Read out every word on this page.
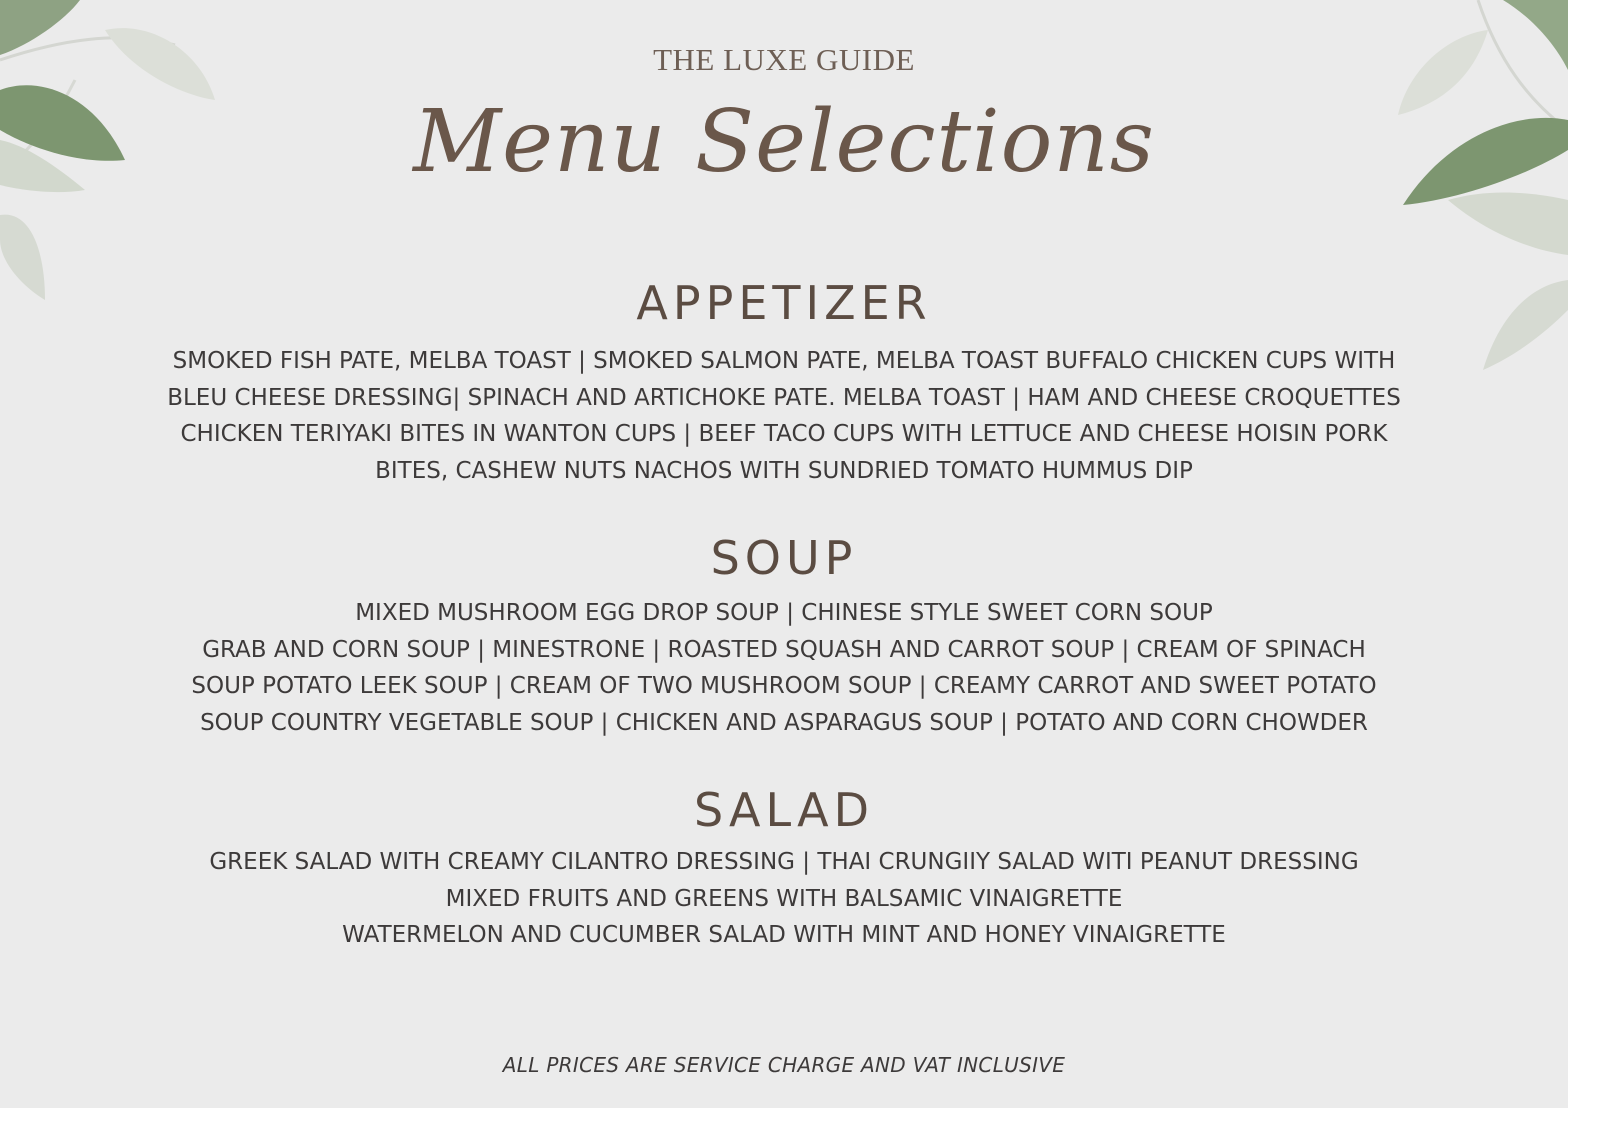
THE LUXE GUIDE
Menu Selections
APPETIZER
SMOKED FISH PATE, MELBA TOAST | SMOKED SALMON PATE, MELBA TOAST BUFFALO CHICKEN CUPS WITH
BLEU CHEESE DRESSING| SPINACH AND ARTICHOKE PATE. MELBA TOAST | HAM AND CHEESE CROQUETTES
CHICKEN TERIYAKI BITES IN WANTON CUPS | BEEF TACO CUPS WITH LETTUCE AND CHEESE HOISIN PORK
BITES, CASHEW NUTS NACHOS WITH SUNDRIED TOMATO HUMMUS DIP
SOUP
MIXED MUSHROOM EGG DROP SOUP | CHINESE STYLE SWEET CORN SOUP
GRAB AND CORN SOUP | MINESTRONE | ROASTED SQUASH AND CARROT SOUP | CREAM OF SPINACH
SOUP POTATO LEEK SOUP | CREAM OF TWO MUSHROOM SOUP | CREAMY CARROT AND SWEET POTATO
SOUP COUNTRY VEGETABLE SOUP | CHICKEN AND ASPARAGUS SOUP | POTATO AND CORN CHOWDER
SALAD
GREEK SALAD WITH CREAMY CILANTRO DRESSING | THAI CRUNGIIY SALAD WITI PEANUT DRESSING
MIXED FRUITS AND GREENS WITH BALSAMIC VINAIGRETTE
WATERMELON AND CUCUMBER SALAD WITH MINT AND HONEY VINAIGRETTE
ALL PRICES ARE SERVICE CHARGE AND VAT INCLUSIVE
